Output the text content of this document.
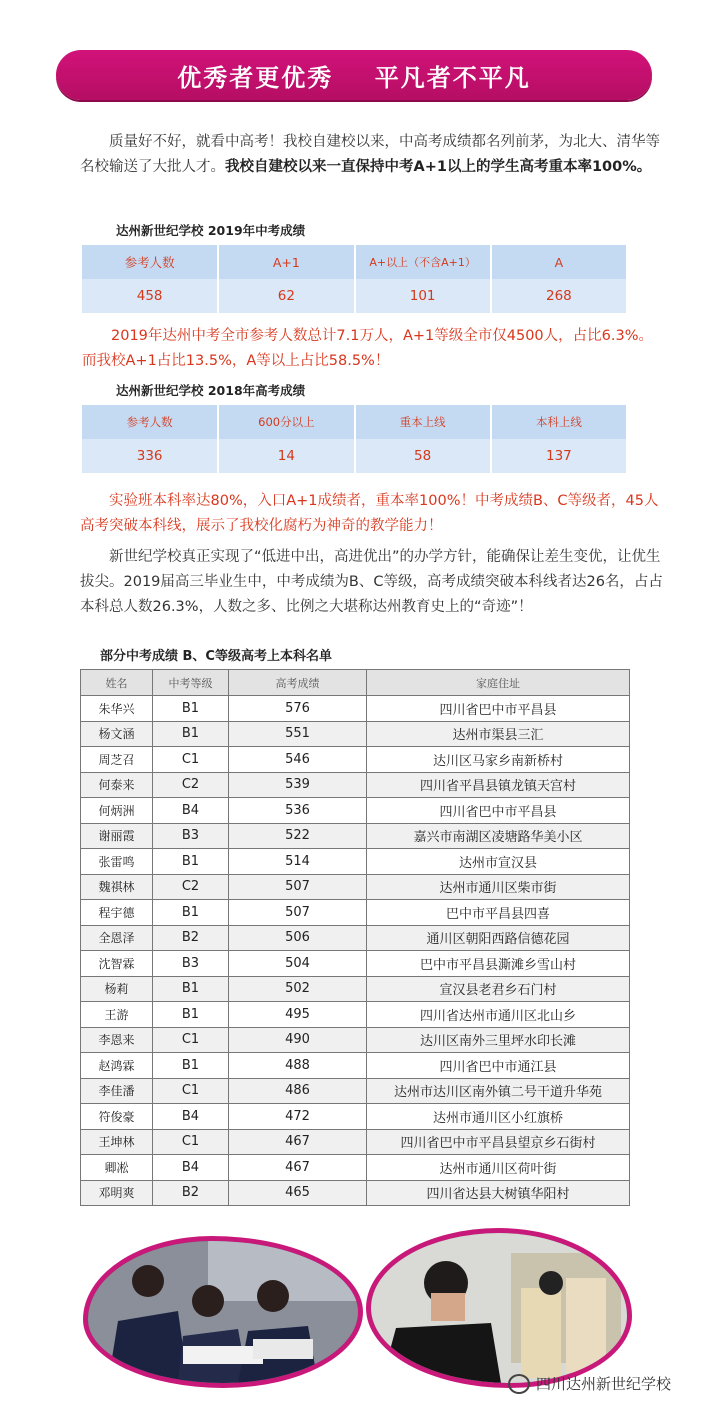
优秀者更优秀    平凡者不平凡
质量好不好，就看中高考！我校自建校以来，中高考成绩都名列前茅，为北大、清华等名校输送了大批人才。我校自建校以来一直保持中考A+1以上的学生高考重本率100%。
达州新世纪学校 2019年中考成绩
参考人数	A+1	A+以上（不含A+1）	A
458	62	101	268
2019年达州中考全市参考人数总计7.1万人，A+1等级全市仅4500人，占比6.3%。而我校A+1占比13.5%，A等以上占比58.5%！
达州新世纪学校 2018年高考成绩
参考人数	600分以上	重本上线	本科上线
336	14	58	137
实验班本科率达80%，入口A+1成绩者，重本率100%！中考成绩B、C等级者，45人高考突破本科线，展示了我校化腐朽为神奇的教学能力！
新世纪学校真正实现了“低进中出，高进优出”的办学方针，能确保让差生变优，让优生拔尖。2019届高三毕业生中，中考成绩为B、C等级，高考成绩突破本科线者达26名，占占本科总人数26.3%，人数之多、比例之大堪称达州教育史上的“奇迹”！
部分中考成绩 B、C等级高考上本科名单
姓名	中考等级	高考成绩	家庭住址
朱华兴	B1	576	四川省巴中市平昌县
杨文涵	B1	551	达州市渠县三汇
周芝召	C1	546	达川区马家乡南新桥村
何泰来	C2	539	四川省平昌县镇龙镇天宫村
何炳洲	B4	536	四川省巴中市平昌县
谢丽霞	B3	522	嘉兴市南湖区凌塘路华美小区
张雷鸣	B1	514	达州市宣汉县
魏祺林	C2	507	达州市通川区柴市街
程宇德	B1	507	巴中市平昌县四喜
全恩泽	B2	506	通川区朝阳西路信德花园
沈智霖	B3	504	巴中市平昌县澌滩乡雪山村
杨莉	B1	502	宣汉县老君乡石门村
王游	B1	495	四川省达州市通川区北山乡
李恩来	C1	490	达川区南外三里坪水印长滩
赵鸿霖	B1	488	四川省巴中市通江县
李佳潘	C1	486	达州市达川区南外镇二号干道升华苑
符俊豪	B4	472	达州市通川区小红旗桥
王坤林	C1	467	四川省巴中市平昌县望京乡石街村
卿凇	B4	467	达州市通川区荷叶街
邓明爽	B2	465	四川省达县大树镇华阳村
四川达州新世纪学校
